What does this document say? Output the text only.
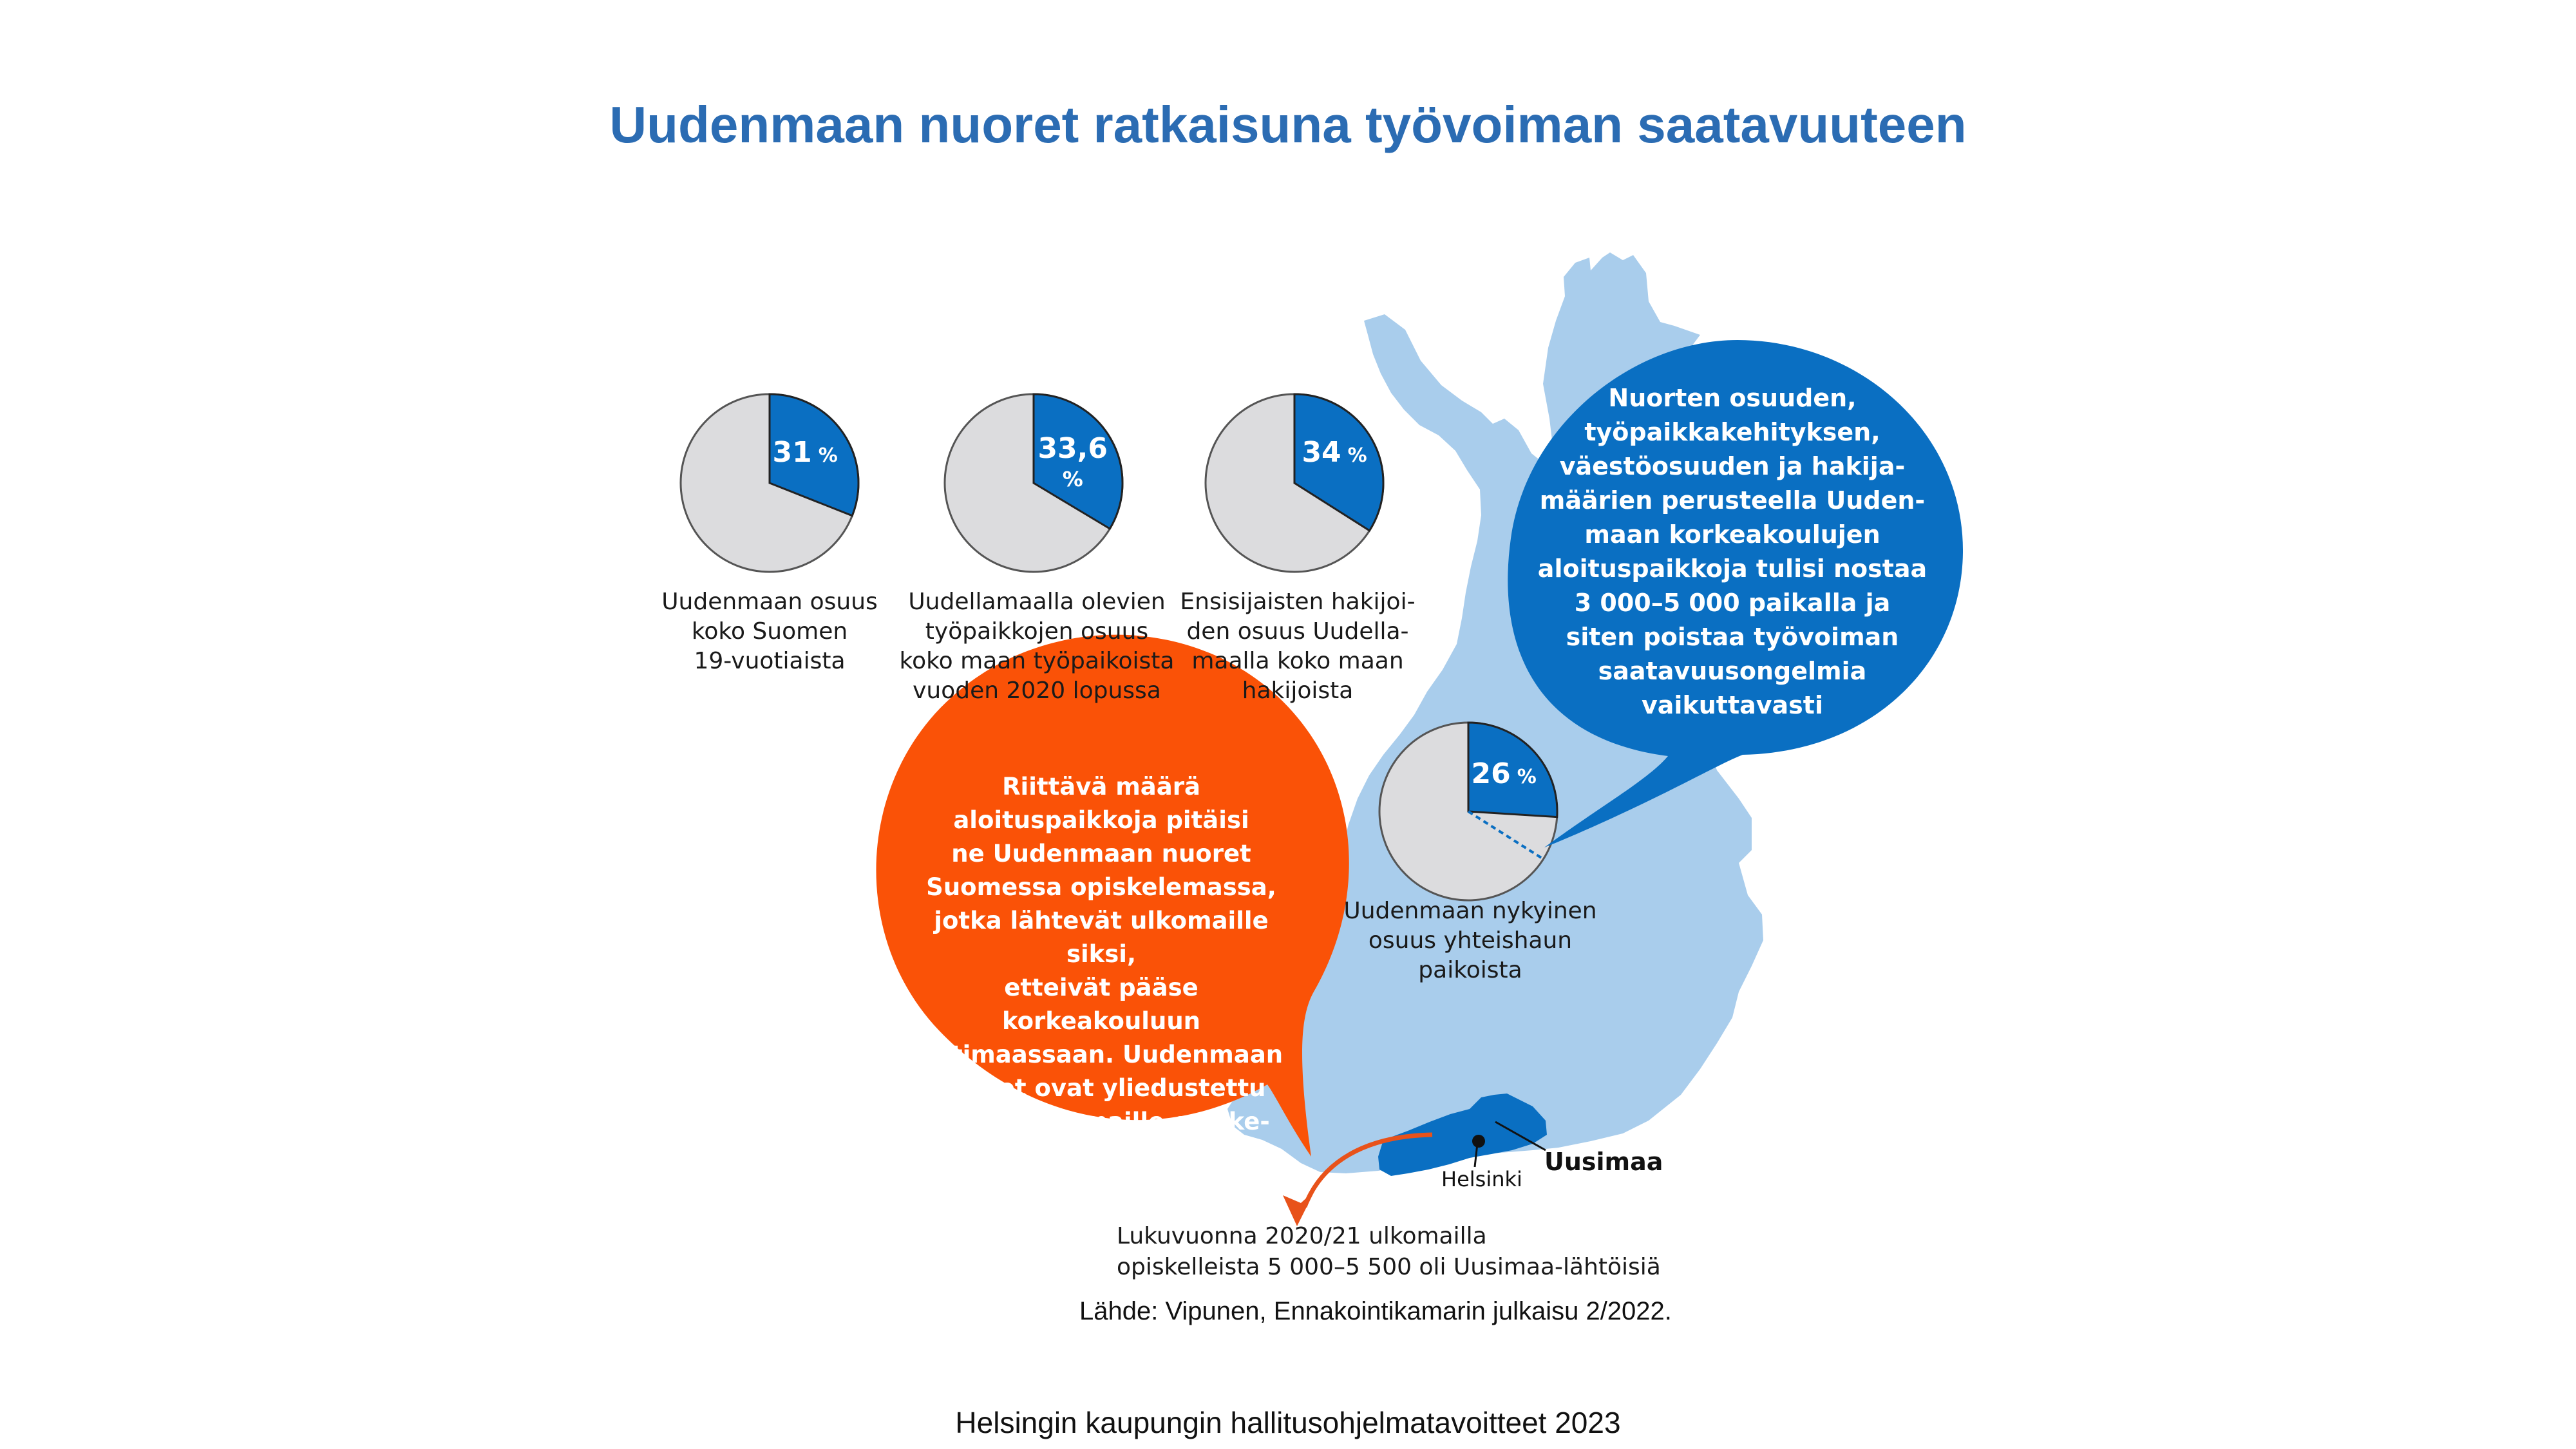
31 %	33,6 %
34 %
26 %
Uudenmaan nuoret ratkaisuna työvoiman saatavuuteen
Uudenmaan osuus
koko Suomen
19-vuotiaista
Uudellamaalla olevien
työpaikkojen osuus
koko maan työpaikoista
vuoden 2020 lopussa
Ensisijaisten hakijoi-
den osuus Uudella-
maalla koko maan
hakijoista
Uudenmaan nykyinen
osuus yhteishaun
paikoista
Nuorten osuuden,
työpaikkakehityksen,
väestöosuuden ja hakija-
määrien perusteella Uuden-
maan korkeakoulujen
aloituspaikkoja tulisi nostaa
3 000–5 000 paikalla ja
siten poistaa työvoiman
saatavuusongelmia
vaikuttavasti
Riittävä määrä
aloituspaikkoja pitäisi
ne Uudenmaan nuoret
Suomessa opiskelemassa,
jotka lähtevät ulkomaille siksi,
etteivät pääse korkeakouluun
kotimaassaan. Uudenmaan
nuoret ovat yliedustettu
ryhmä ulkomaille opiske-
lemaan lähtevissä	Uusimaa
Helsinki
Lukuvuonna 2020/21 ulkomailla
opiskelleista 5 000–5 500 oli Uusimaa-lähtöisiä
Lähde: Vipunen, Ennakointikamarin julkaisu 2/2022.
Helsingin kaupungin hallitusohjelmatavoitteet 2023
